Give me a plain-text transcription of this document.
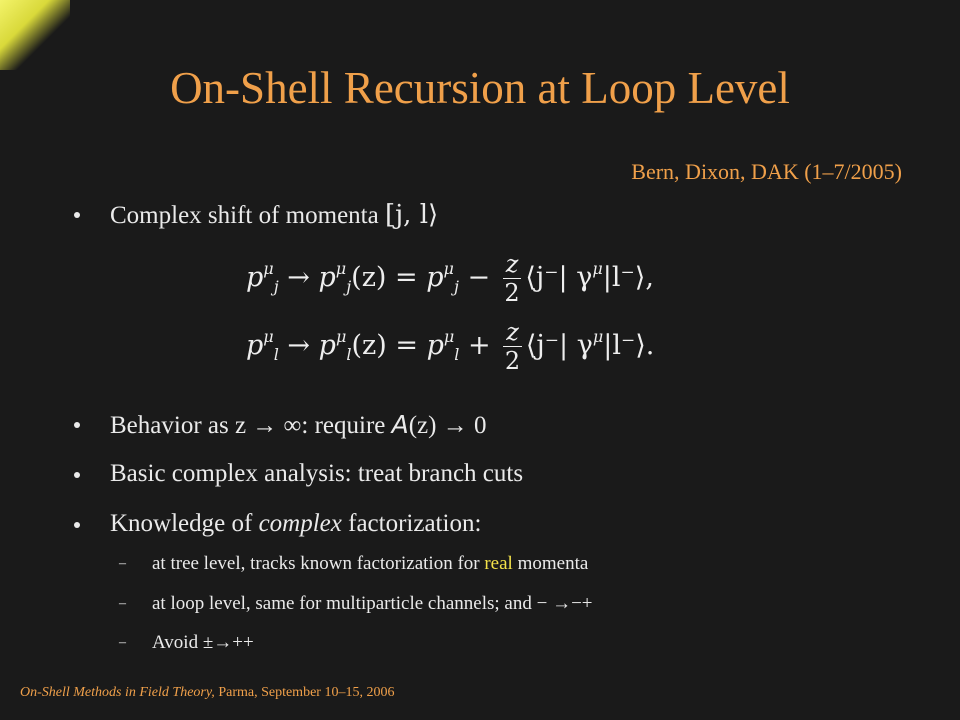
On-Shell Recursion at Loop Level
Bern, Dixon, DAK (1–7/2005)
Complex shift of momenta [j, l⟩
$p^\mu_j \to p^\mu_j(z) = p^\mu_j - \frac{z}{2}$ ⟨j⁻| $\gamma^\mu|l^-⟩$,
$p^\mu_l \to p^\mu_l(z) = p^\mu_l + \frac{z}{2}$ ⟨j⁻| $\gamma^\mu|l^-⟩$.
Behavior as z → ∞: require A(z) → 0
Basic complex analysis: treat branch cuts
Knowledge of complex factorization:
– at tree level, tracks known factorization for real momenta
– at loop level, same for multiparticle channels; and − →−+
– Avoid ±→++
On-Shell Methods in Field Theory, Parma, September 10–15, 2006
